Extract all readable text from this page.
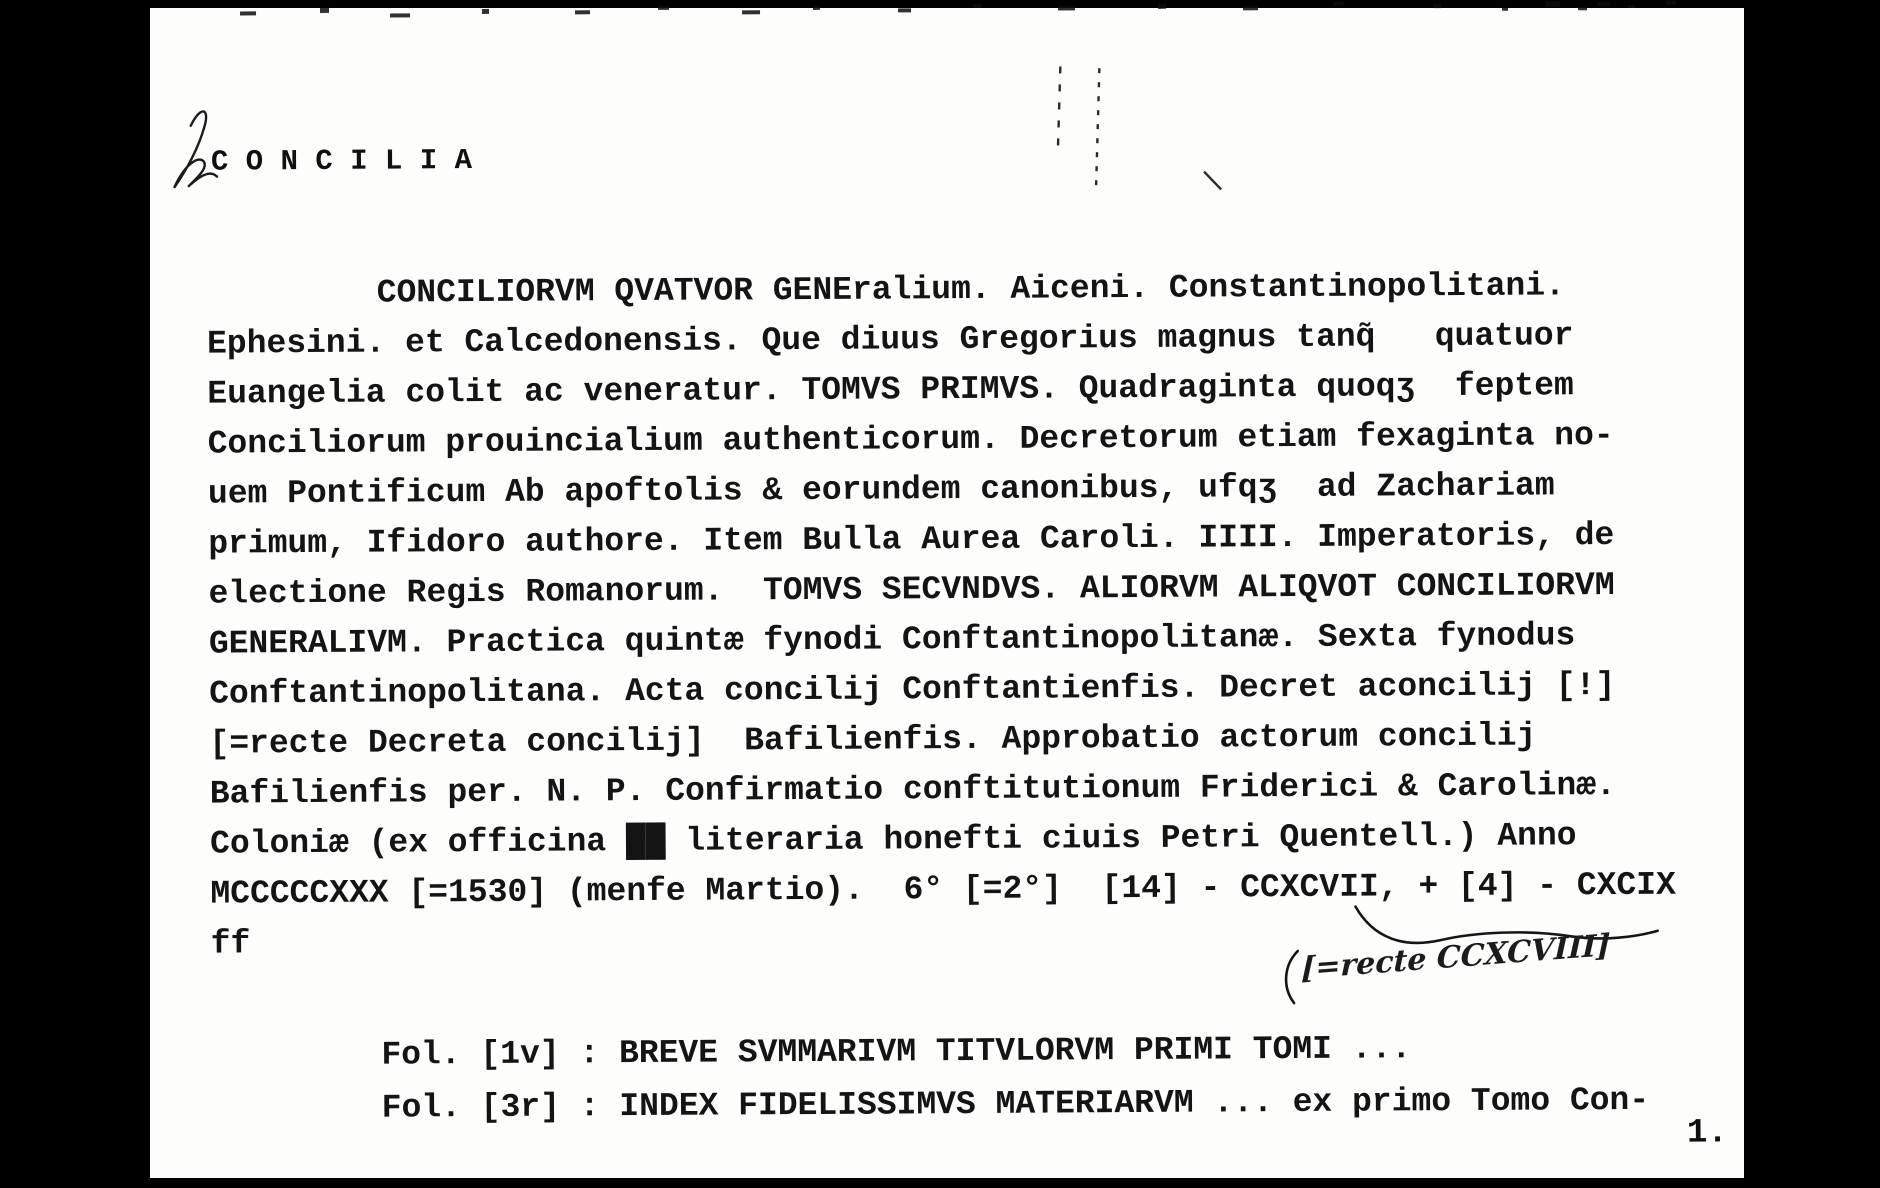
C O N C I L I A
CONCILIORVM QVATVOR GENEralium. Aiceni. Constantinopolitani.
Ephesini. et Calcedonensis. Que diuus Gregorius magnus tanq̃   quatuor
Euangelia colit ac veneratur. TOMVS PRIMVS. Quadraginta quoqʒ  feptem
Conciliorum prouincialium authenticorum. Decretorum etiam fexaginta no-
uem Pontificum Ab apoftolis & eorundem canonibus, ufqʒ  ad Zachariam
primum, Ifidoro authore. Item Bulla Aurea Caroli. IIII. Imperatoris, de
electione Regis Romanorum.  TOMVS SECVNDVS. ALIORVM ALIQVOT CONCILIORVM
GENERALIVM. Practica quintæ fynodi Conftantinopolitanæ. Sexta fynodus
Conftantinopolitana. Acta concilij Conftantienfis. Decret aconcilij [!]
[=recte Decreta concilij]  Bafilienfis. Approbatio actorum concilij
Bafilienfis per. N. P. Confirmatio conftitutionum Friderici & Carolinæ.
Coloniæ (ex officina ██ literaria honefti ciuis Petri Quentell.) Anno
MCCCCCXXX [=1530] (menfe Martio).  6° [=2°]  [14] - CCXCVII, + [4] - CXCIX
ff	[=recte CCXCVIII]
Fol. [1v] : BREVE SVMMARIVM TITVLORVM PRIMI TOMI ...
Fol. [3r] : INDEX FIDELISSIMVS MATERIARVM ... ex primo Tomo Con-
1.
